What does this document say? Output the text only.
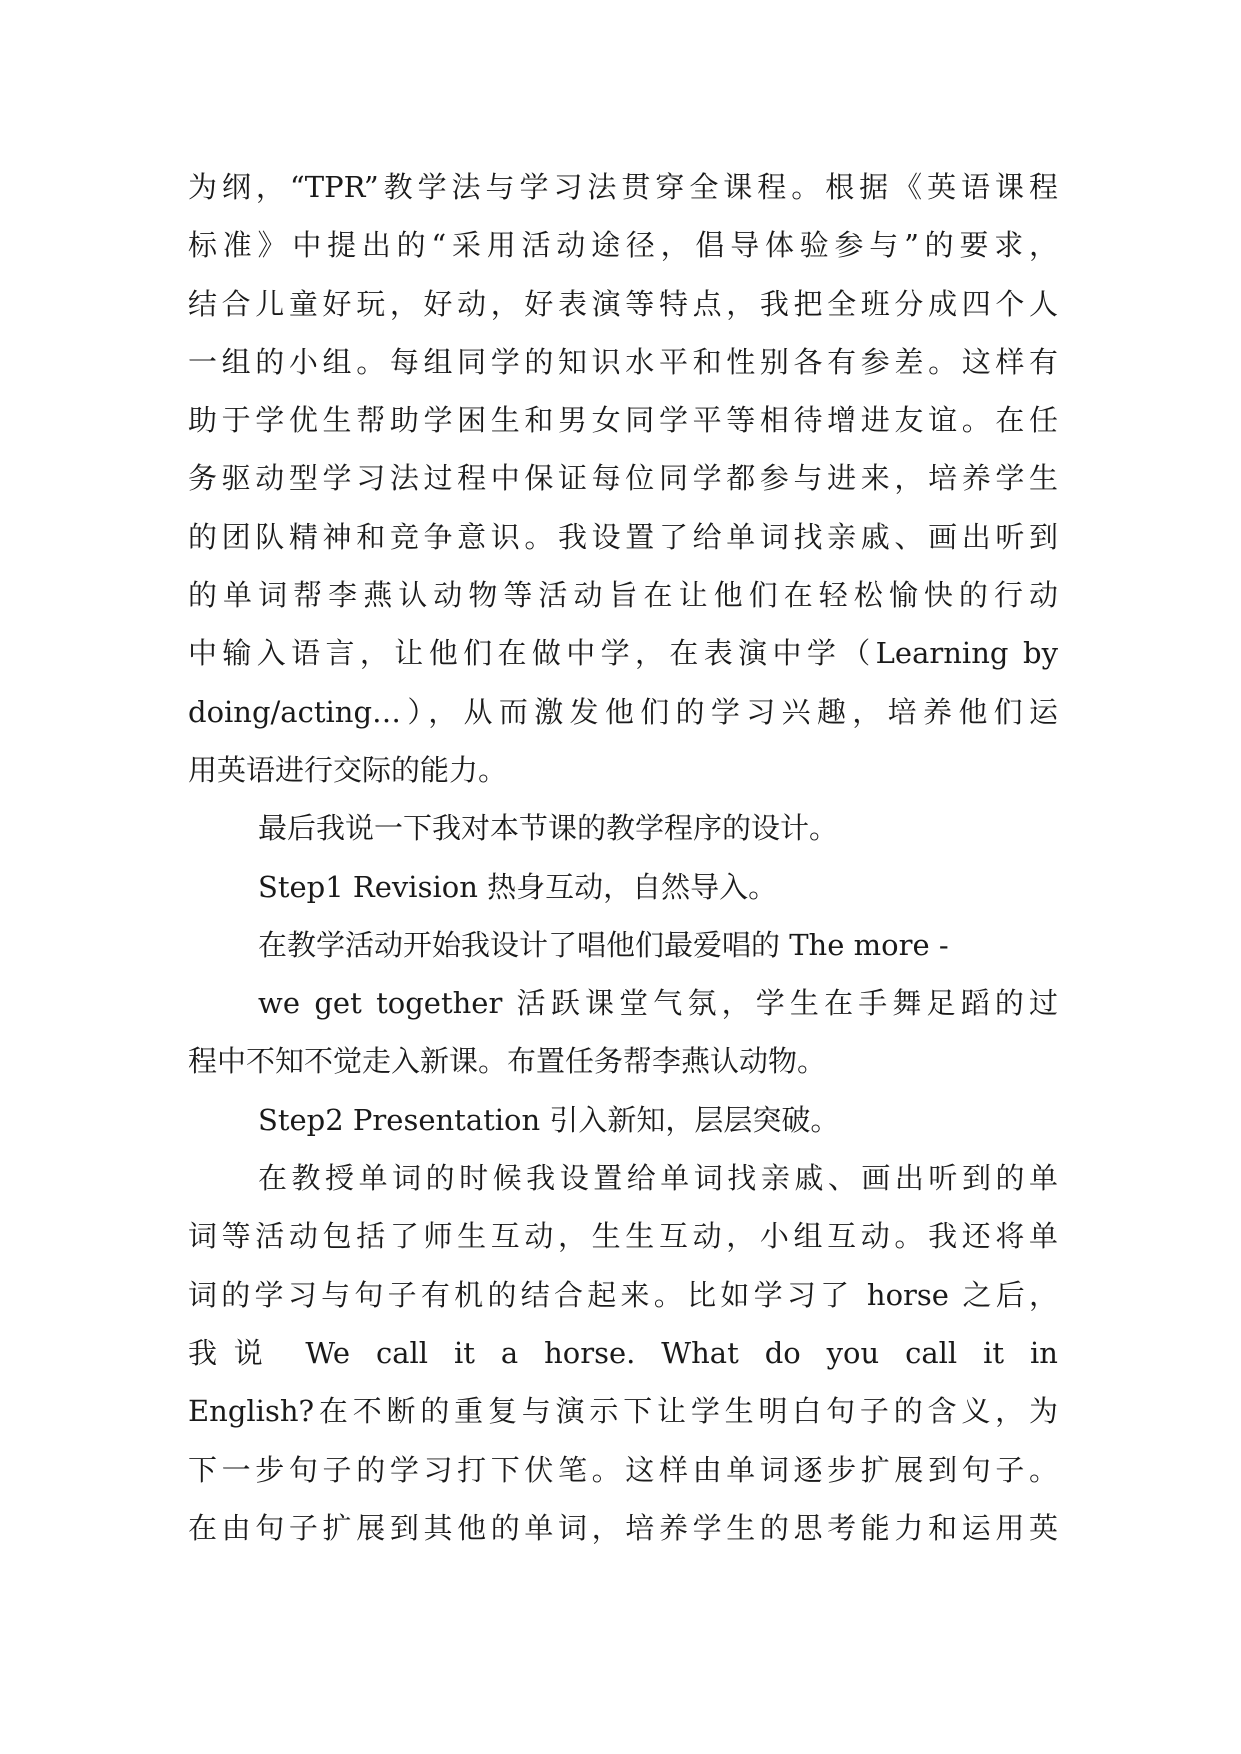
为纲，“TPR”教学法与学习法贯穿全课程。根据《英语课程
标准》中提出的“采用活动途径，倡导体验参与”的要求，
结合儿童好玩，好动，好表演等特点，我把全班分成四个人
一组的小组。每组同学的知识水平和性别各有参差。这样有
助于学优生帮助学困生和男女同学平等相待增进友谊。在任
务驱动型学习法过程中保证每位同学都参与进来，培养学生
的团队精神和竞争意识。我设置了给单词找亲戚、画出听到
的单词帮李燕认动物等活动旨在让他们在轻松愉快的行动
中输入语言，让他们在做中学，在表演中学（Learning by
doing/acting…），从而激发他们的学习兴趣，培养他们运
用英语进行交际的能力。
最后我说一下我对本节课的教学程序的设计。
Step1 Revision 热身互动，自然导入。
在教学活动开始我设计了唱他们最爱唱的 The more -
we get together 活跃课堂气氛，学生在手舞足蹈的过
程中不知不觉走入新课。布置任务帮李燕认动物。
Step2 Presentation 引入新知，层层突破。
在教授单词的时候我设置给单词找亲戚、画出听到的单
词等活动包括了师生互动，生生互动，小组互动。我还将单
词的学习与句子有机的结合起来。比如学习了 horse 之后，
我说 We call it a horse. What do you call it in
English?在不断的重复与演示下让学生明白句子的含义，为
下一步句子的学习打下伏笔。这样由单词逐步扩展到句子。
在由句子扩展到其他的单词，培养学生的思考能力和运用英
